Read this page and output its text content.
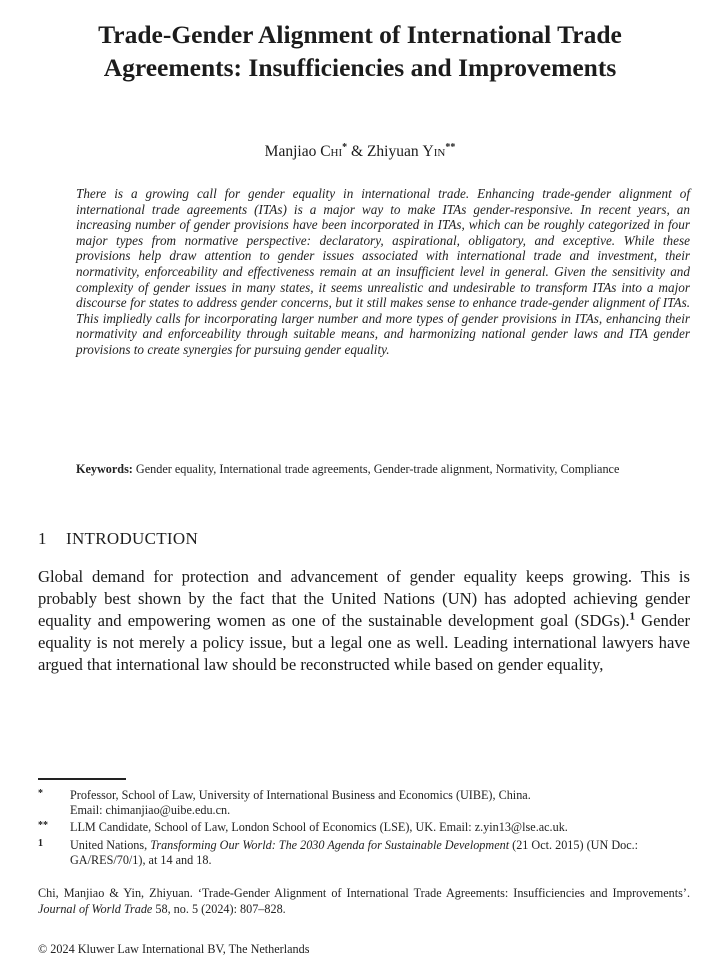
Trade-Gender Alignment of International Trade
Agreements: Insufficiencies and Improvements
Manjiao Chi* & Zhiyuan Yin**
There is a growing call for gender equality in international trade. Enhancing trade-gender alignment of international trade agreements (ITAs) is a major way to make ITAs gender-responsive. In recent years, an increasing number of gender provisions have been incorporated in ITAs, which can be roughly categorized in four major types from normative perspective: declaratory, aspirational, obligatory, and exceptive. While these provisions help draw attention to gender issues associated with international trade and investment, their normativity, enforceability and effectiveness remain at an insufficient level in general. Given the sensitivity and complexity of gender issues in many states, it seems unrealistic and undesirable to transform ITAs into a major discourse for states to address gender concerns, but it still makes sense to enhance trade-gender alignment of ITAs. This impliedly calls for incorporating larger number and more types of gender provisions in ITAs, enhancing their normativity and enforceability through suitable means, and harmonizing national gender laws and ITA gender provisions to create synergies for pursuing gender equality.
Keywords: Gender equality, International trade agreements, Gender-trade alignment, Normativity, Compliance
1 INTRODUCTION
Global demand for protection and advancement of gender equality keeps growing. This is probably best shown by the fact that the United Nations (UN) has adopted achieving gender equality and empowering women as one of the sustainable development goal (SDGs).$^1$ Gender equality is not merely a policy issue, but a legal one as well. Leading international lawyers have argued that international law should be reconstructed while based on gender equality,
* Professor, School of Law, University of International Business and Economics (UIBE), China.
Email: chimanjiao@uibe.edu.cn.
** LLM Candidate, School of Law, London School of Economics (LSE), UK. Email: z.yin13@lse.ac.uk.
1 United Nations, Transforming Our World: The 2030 Agenda for Sustainable Development (21 Oct. 2015) (UN Doc.: GA/RES/70/1), at 14 and 18.
Chi, Manjiao & Yin, Zhiyuan. ‘Trade-Gender Alignment of International Trade Agreements: Insufficiencies and Improvements’. Journal of World Trade 58, no. 5 (2024): 807–828.
© 2024 Kluwer Law International BV, The Netherlands
